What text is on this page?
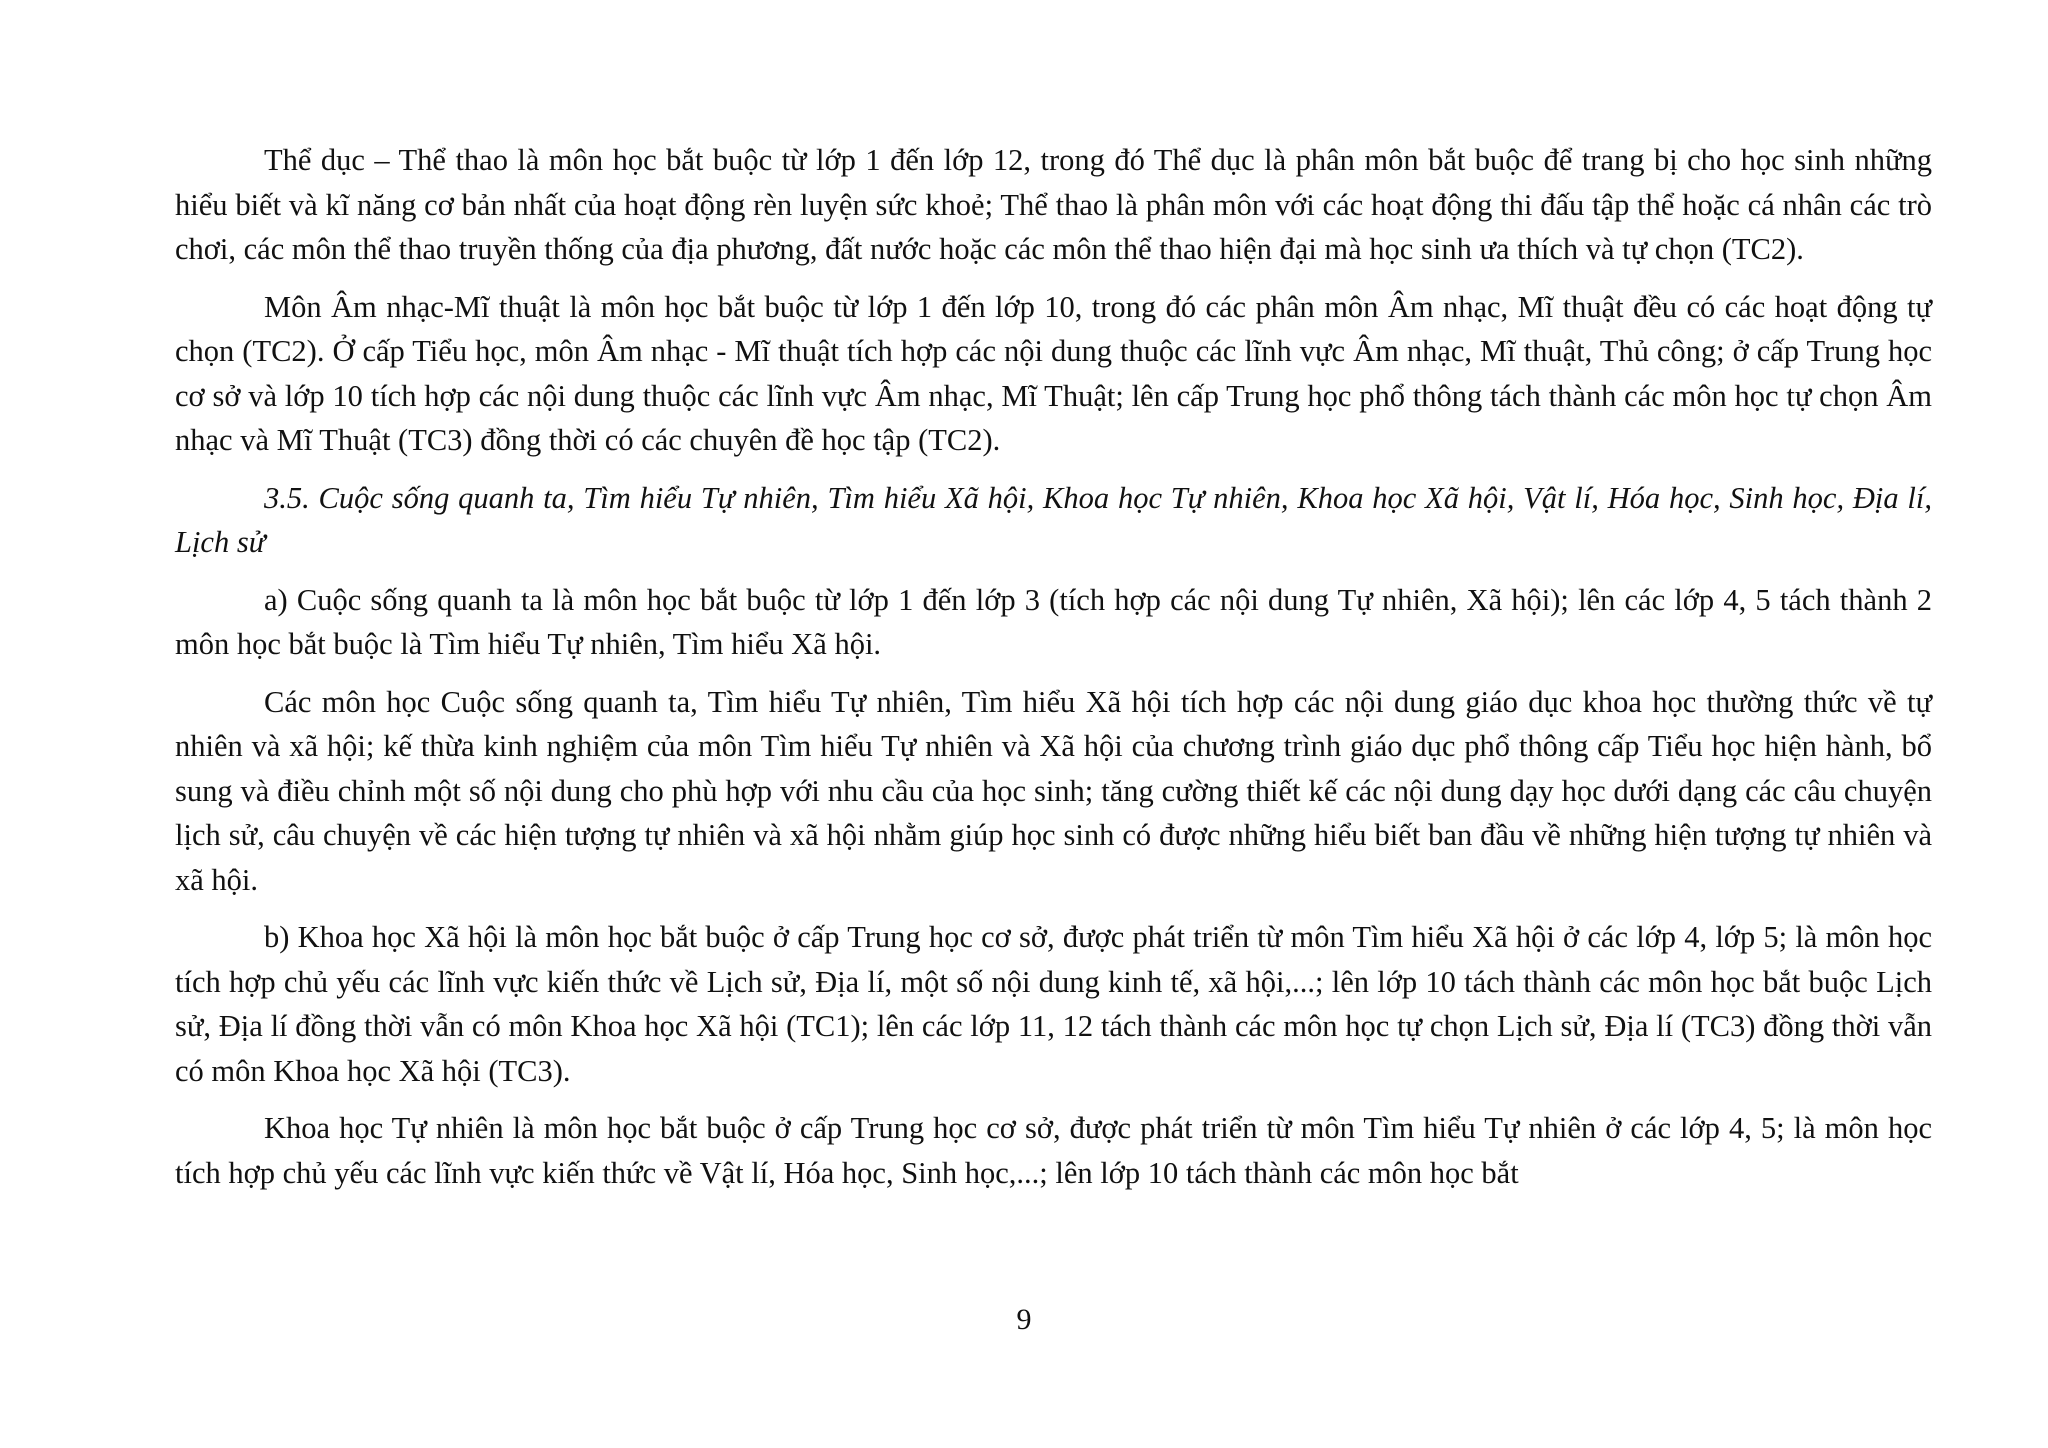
Thể dục – Thể thao là môn học bắt buộc từ lớp 1 đến lớp 12, trong đó Thể dục là phân môn bắt buộc để trang bị cho học sinh những hiểu biết và kĩ năng cơ bản nhất của hoạt động rèn luyện sức khoẻ; Thể thao là phân môn với các hoạt động thi đấu tập thể hoặc cá nhân các trò chơi, các môn thể thao truyền thống của địa phương, đất nước hoặc các môn thể thao hiện đại mà học sinh ưa thích và tự chọn (TC2).

Môn Âm nhạc-Mĩ thuật là môn học bắt buộc từ lớp 1 đến lớp 10, trong đó các phân môn Âm nhạc, Mĩ thuật đều có các hoạt động tự chọn (TC2). Ở cấp Tiểu học, môn Âm nhạc - Mĩ thuật tích hợp các nội dung thuộc các lĩnh vực Âm nhạc, Mĩ thuật, Thủ công; ở cấp Trung học cơ sở và lớp 10 tích hợp các nội dung thuộc các lĩnh vực Âm nhạc, Mĩ Thuật; lên cấp Trung học phổ thông tách thành các môn học tự chọn Âm nhạc và Mĩ Thuật (TC3) đồng thời có các chuyên đề học tập (TC2).

3.5. Cuộc sống quanh ta, Tìm hiểu Tự nhiên, Tìm hiểu Xã hội, Khoa học Tự nhiên, Khoa học Xã hội, Vật lí, Hóa học, Sinh học, Địa lí, Lịch sử

a) Cuộc sống quanh ta là môn học bắt buộc từ lớp 1 đến lớp 3 (tích hợp các nội dung Tự nhiên, Xã hội); lên các lớp 4, 5 tách thành 2 môn học bắt buộc là Tìm hiểu Tự nhiên, Tìm hiểu Xã hội.

Các môn học Cuộc sống quanh ta, Tìm hiểu Tự nhiên, Tìm hiểu Xã hội tích hợp các nội dung giáo dục khoa học thường thức về tự nhiên và xã hội; kế thừa kinh nghiệm của môn Tìm hiểu Tự nhiên và Xã hội của chương trình giáo dục phổ thông cấp Tiểu học hiện hành, bổ sung và điều chỉnh một số nội dung cho phù hợp với nhu cầu của học sinh; tăng cường thiết kế các nội dung dạy học dưới dạng các câu chuyện lịch sử, câu chuyện về các hiện tượng tự nhiên và xã hội nhằm giúp học sinh có được những hiểu biết ban đầu về những hiện tượng tự nhiên và xã hội.

b) Khoa học Xã hội là môn học bắt buộc ở cấp Trung học cơ sở, được phát triển từ môn Tìm hiểu Xã hội ở các lớp 4, lớp 5; là môn học tích hợp chủ yếu các lĩnh vực kiến thức về Lịch sử, Địa lí, một số nội dung kinh tế, xã hội,...; lên lớp 10 tách thành các môn học bắt buộc Lịch sử, Địa lí đồng thời vẫn có môn Khoa học Xã hội (TC1); lên các lớp 11, 12 tách thành các môn học tự chọn Lịch sử, Địa lí (TC3) đồng thời vẫn có môn Khoa học Xã hội (TC3).

Khoa học Tự nhiên là môn học bắt buộc ở cấp Trung học cơ sở, được phát triển từ môn Tìm hiểu Tự nhiên ở các lớp 4, 5; là môn học tích hợp chủ yếu các lĩnh vực kiến thức về Vật lí, Hóa học, Sinh học,...; lên lớp 10 tách thành các môn học bắt

9
